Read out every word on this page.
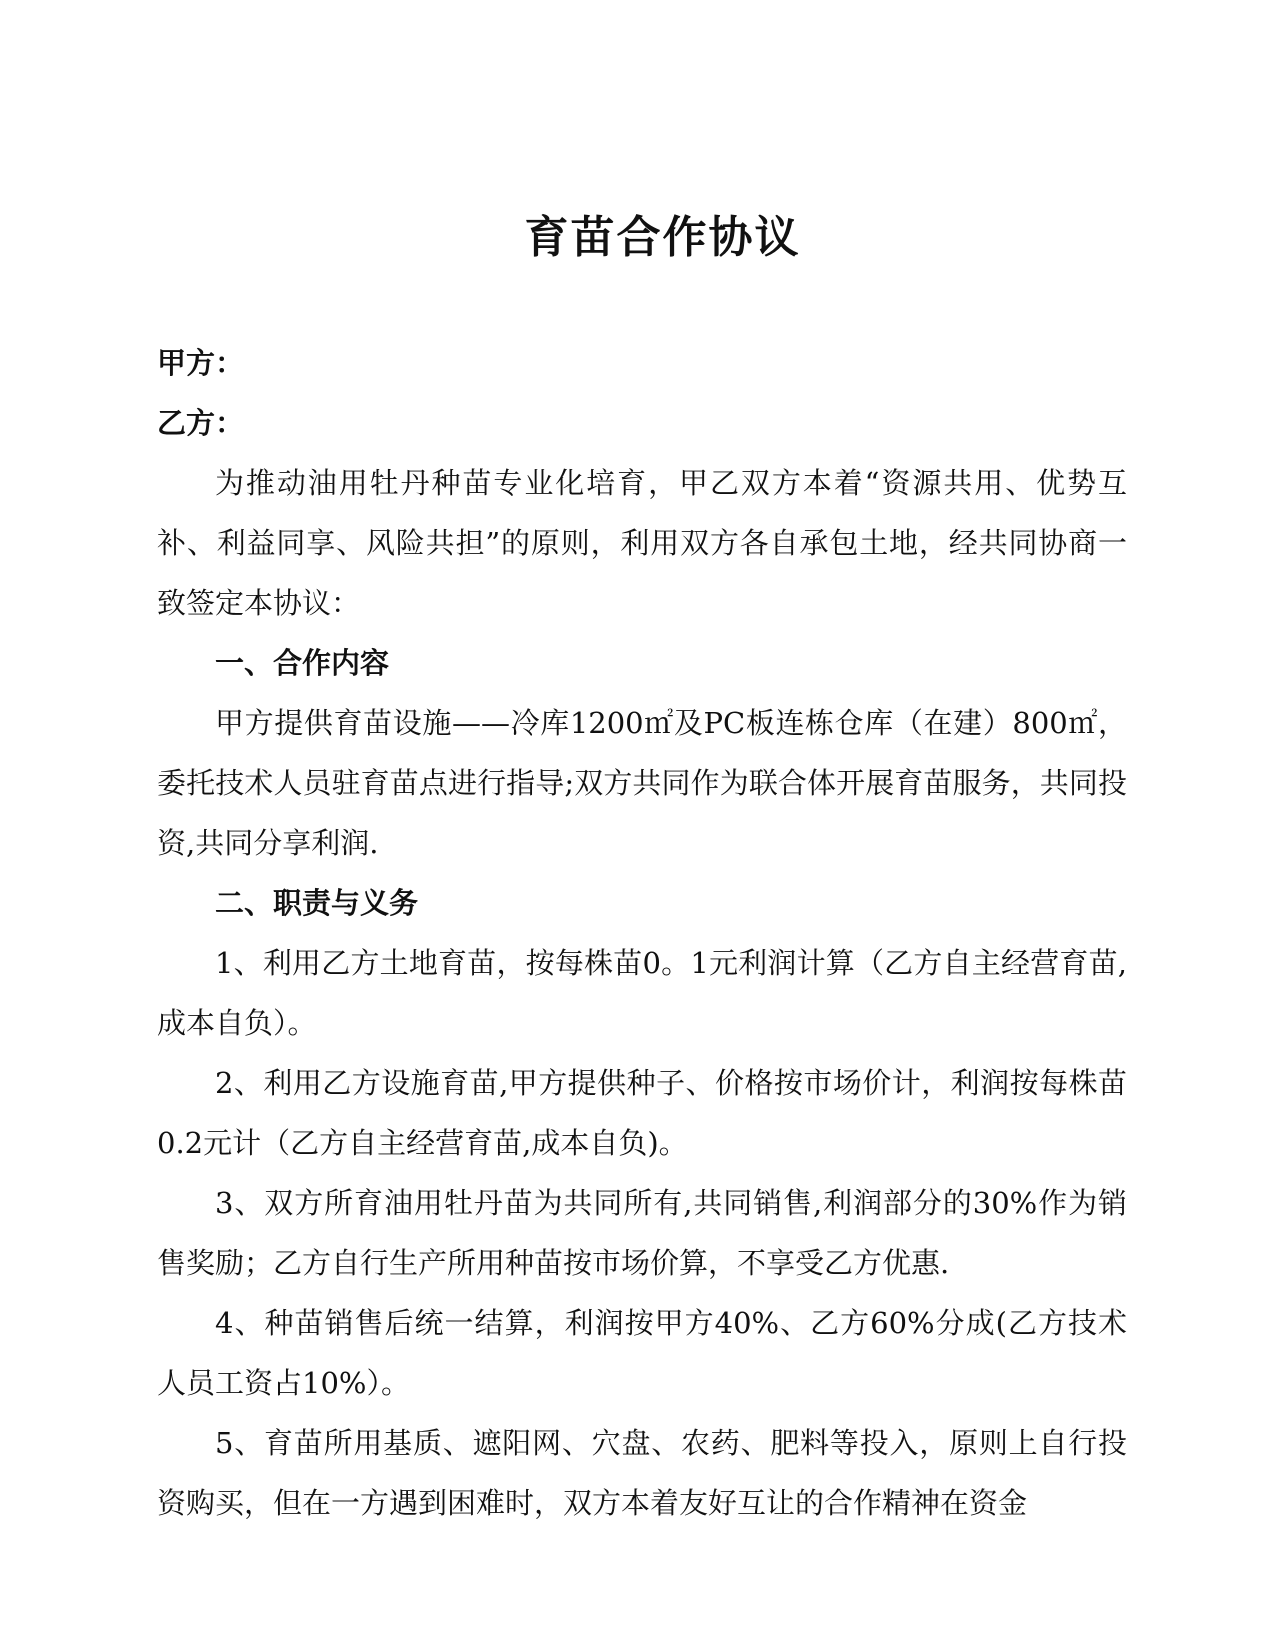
育苗合作协议

甲方：

乙方：

为推动油用牡丹种苗专业化培育，甲乙双方本着“资源共用、优势互补、利益同享、风险共担”的原则，利用双方各自承包土地，经共同协商一致签定本协议：

一、合作内容

甲方提供育苗设施——冷库1200㎡及PC板连栋仓库（在建）800㎡，委托技术人员驻育苗点进行指导;双方共同作为联合体开展育苗服务，共同投资,共同分享利润.

二、职责与义务

1、利用乙方土地育苗，按每株苗0。1元利润计算（乙方自主经营育苗,成本自负）。

2、利用乙方设施育苗,甲方提供种子、价格按市场价计，利润按每株苗0.2元计（乙方自主经营育苗,成本自负)。

3、双方所育油用牡丹苗为共同所有,共同销售,利润部分的30%作为销售奖励；乙方自行生产所用种苗按市场价算，不享受乙方优惠.

4、种苗销售后统一结算，利润按甲方40%、乙方60%分成(乙方技术人员工资占10%）。

5、育苗所用基质、遮阳网、穴盘、农药、肥料等投入，原则上自行投资购买，但在一方遇到困难时，双方本着友好互让的合作精神在资金
